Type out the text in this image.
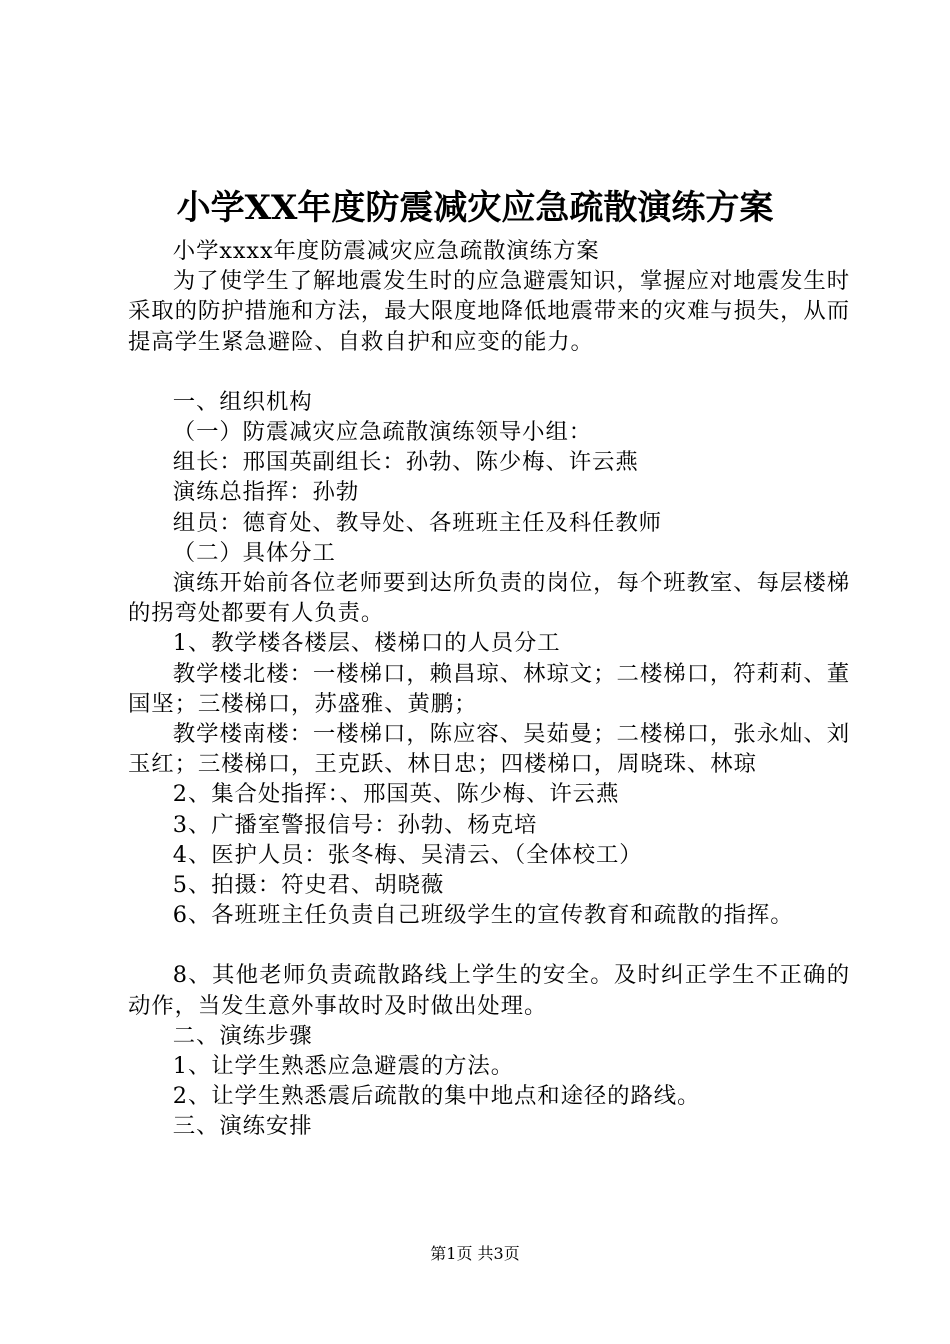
小学XX年度防震减灾应急疏散演练方案

小学xxxx年度防震减灾应急疏散演练方案

为了使学生了解地震发生时的应急避震知识，掌握应对地震发生时采取的防护措施和方法，最大限度地降低地震带来的灾难与损失，从而提高学生紧急避险、自救自护和应变的能力。

一、组织机构

（一）防震减灾应急疏散演练领导小组：

组长：邢国英副组长：孙勃、陈少梅、许云燕

演练总指挥：孙勃

组员：德育处、教导处、各班班主任及科任教师

（二）具体分工

演练开始前各位老师要到达所负责的岗位，每个班教室、每层楼梯的拐弯处都要有人负责。

1、教学楼各楼层、楼梯口的人员分工

教学楼北楼：一楼梯口，赖昌琼、林琼文；二楼梯口，符莉莉、董国坚；三楼梯口，苏盛雅、黄鹏；

教学楼南楼：一楼梯口，陈应容、吴茹曼；二楼梯口，张永灿、刘玉红；三楼梯口，王克跃、林日忠；四楼梯口，周晓珠、林琼

2、集合处指挥：、邢国英、陈少梅、许云燕

3、广播室警报信号：孙勃、杨克培

4、医护人员：张冬梅、吴清云、（全体校工）

5、拍摄：符史君、胡晓薇

6、各班班主任负责自己班级学生的宣传教育和疏散的指挥。

8、其他老师负责疏散路线上学生的安全。及时纠正学生不正确的动作，当发生意外事故时及时做出处理。

二、演练步骤

1、让学生熟悉应急避震的方法。

2、让学生熟悉震后疏散的集中地点和途径的路线。

三、演练安排

第1页 共3页
